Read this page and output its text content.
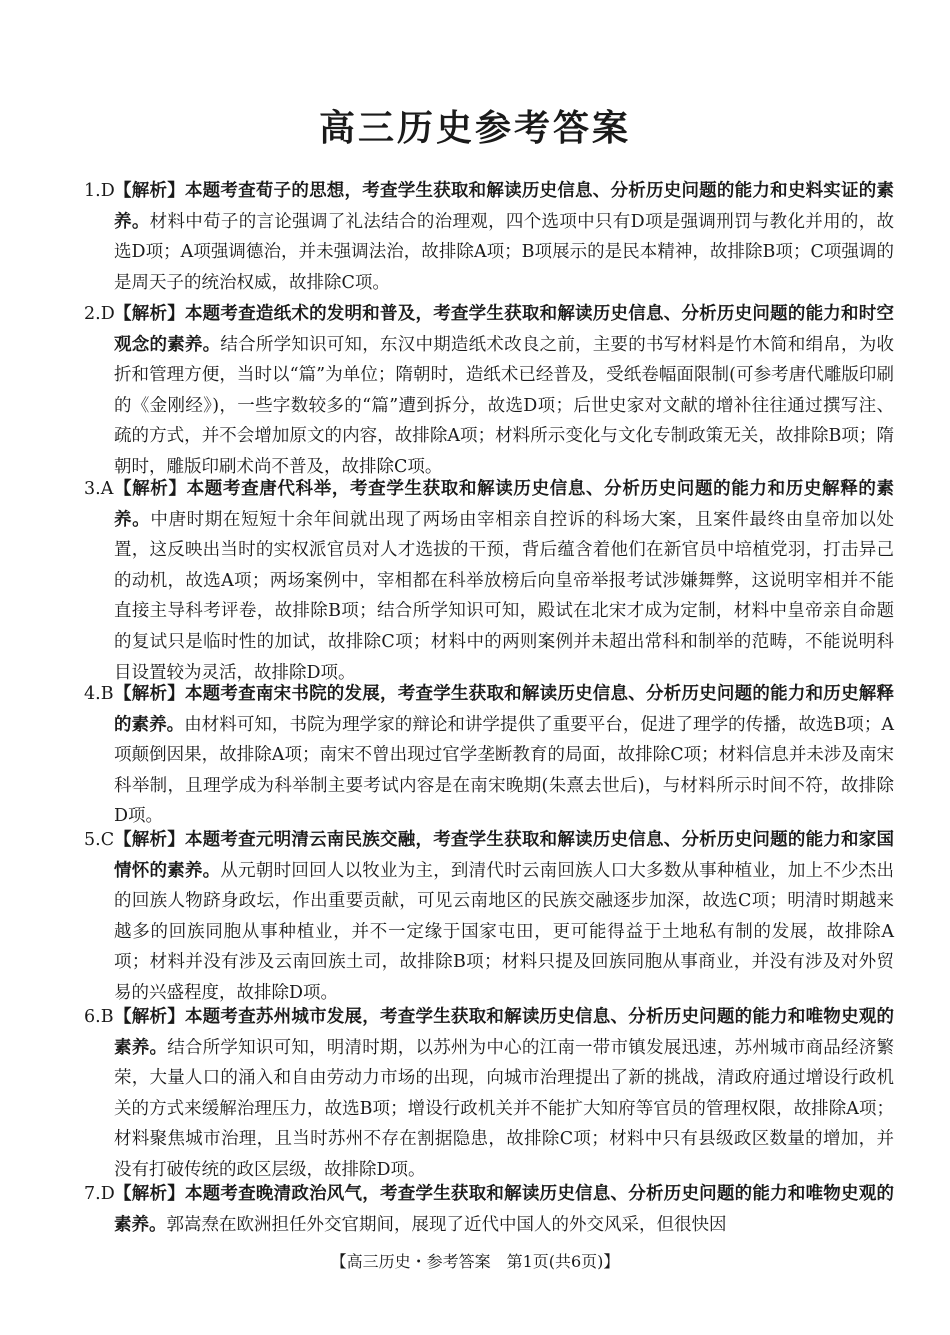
高三历史参考答案
1.D 【解析】本题考查荀子的思想，考查学生获取和解读历史信息、分析历史问题的能力和史料实证的素养。材料中荀子的言论强调了礼法结合的治理观，四个选项中只有D项是强调刑罚与教化并用的，故选D项；A项强调德治，并未强调法治，故排除A项；B项展示的是民本精神，故排除B项；C项强调的是周天子的统治权威，故排除C项。
2.D 【解析】本题考查造纸术的发明和普及，考查学生获取和解读历史信息、分析历史问题的能力和时空观念的素养。结合所学知识可知，东汉中期造纸术改良之前，主要的书写材料是竹木简和绢帛，为收折和管理方便，当时以“篇”为单位；隋朝时，造纸术已经普及，受纸卷幅面限制(可参考唐代雕版印刷的《金刚经》)，一些字数较多的“篇”遭到拆分，故选D项；后世史家对文献的增补往往通过撰写注、疏的方式，并不会增加原文的内容，故排除A项；材料所示变化与文化专制政策无关，故排除B项；隋朝时，雕版印刷术尚不普及，故排除C项。
3.A 【解析】本题考查唐代科举，考查学生获取和解读历史信息、分析历史问题的能力和历史解释的素养。中唐时期在短短十余年间就出现了两场由宰相亲自控诉的科场大案，且案件最终由皇帝加以处置，这反映出当时的实权派官员对人才选拔的干预，背后蕴含着他们在新官员中培植党羽，打击异己的动机，故选A项；两场案例中，宰相都在科举放榜后向皇帝举报考试涉嫌舞弊，这说明宰相并不能直接主导科考评卷，故排除B项；结合所学知识可知，殿试在北宋才成为定制，材料中皇帝亲自命题的复试只是临时性的加试，故排除C项；材料中的两则案例并未超出常科和制举的范畴，不能说明科目设置较为灵活，故排除D项。
4.B 【解析】本题考查南宋书院的发展，考查学生获取和解读历史信息、分析历史问题的能力和历史解释的素养。由材料可知，书院为理学家的辩论和讲学提供了重要平台，促进了理学的传播，故选B项；A项颠倒因果，故排除A项；南宋不曾出现过官学垄断教育的局面，故排除C项；材料信息并未涉及南宋科举制，且理学成为科举制主要考试内容是在南宋晚期(朱熹去世后)，与材料所示时间不符，故排除D项。
5.C 【解析】本题考查元明清云南民族交融，考查学生获取和解读历史信息、分析历史问题的能力和家国情怀的素养。从元朝时回回人以牧业为主，到清代时云南回族人口大多数从事种植业，加上不少杰出的回族人物跻身政坛，作出重要贡献，可见云南地区的民族交融逐步加深，故选C项；明清时期越来越多的回族同胞从事种植业，并不一定缘于国家屯田，更可能得益于土地私有制的发展，故排除A项；材料并没有涉及云南回族土司，故排除B项；材料只提及回族同胞从事商业，并没有涉及对外贸易的兴盛程度，故排除D项。
6.B 【解析】本题考查苏州城市发展，考查学生获取和解读历史信息、分析历史问题的能力和唯物史观的素养。结合所学知识可知，明清时期，以苏州为中心的江南一带市镇发展迅速，苏州城市商品经济繁荣，大量人口的涌入和自由劳动力市场的出现，向城市治理提出了新的挑战，清政府通过增设行政机关的方式来缓解治理压力，故选B项；增设行政机关并不能扩大知府等官员的管理权限，故排除A项；材料聚焦城市治理，且当时苏州不存在割据隐患，故排除C项；材料中只有县级政区数量的增加，并没有打破传统的政区层级，故排除D项。
7.D 【解析】本题考查晚清政治风气，考查学生获取和解读历史信息、分析历史问题的能力和唯物史观的素养。郭嵩焘在欧洲担任外交官期间，展现了近代中国人的外交风采，但很快因
【高三历史・参考答案　第1页(共6页)】
